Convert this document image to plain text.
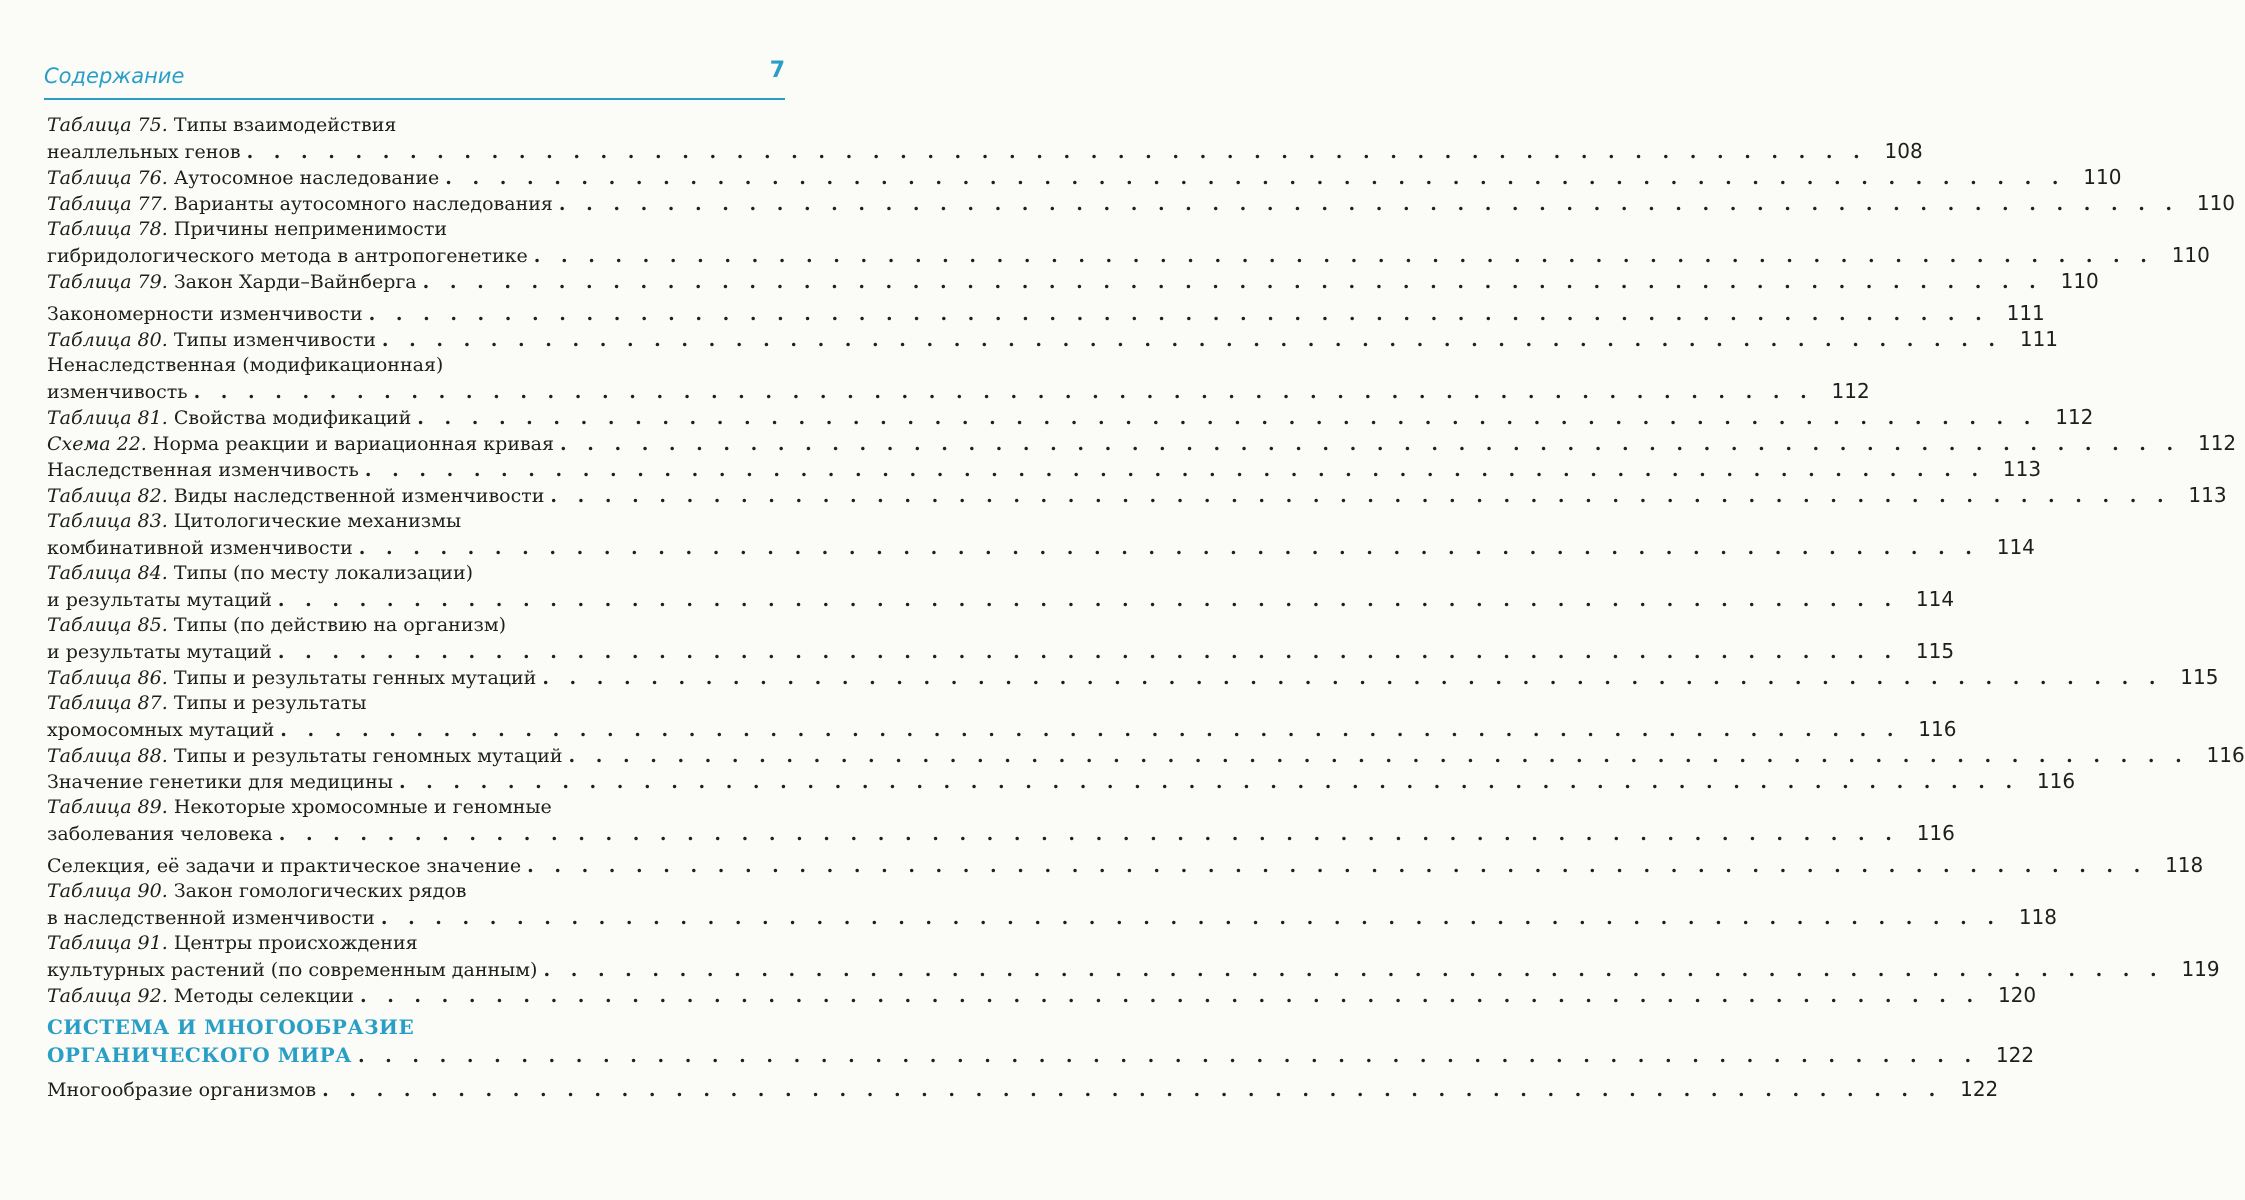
Содержание	7
Таблица 75. Типы взаимодействия
неаллельных генов . . . . . . . . . . . . . . . . . . . . . . . . . . . . . . . . . . . . . . . . . . . . . . . . . . . . . . . . . . . . 108
Таблица 76. Аутосомное наследование . . . . . . . . . . . . . . . . . . . . . . . . . . . . . . . . . . . . . . . . . . . . . . . . . . . . . . . . . . . . 110
Таблица 77. Варианты аутосомного наследования . . . . . . . . . . . . . . . . . . . . . . . . . . . . . . . . . . . . . . . . . . . . . . . . . . . . . . . . . . . . 110
Таблица 78. Причины неприменимости
гибридологического метода в антропогенетике . . . . . . . . . . . . . . . . . . . . . . . . . . . . . . . . . . . . . . . . . . . . . . . . . . . . . . . . . . . . 110
Таблица 79. Закон Харди–Вайнберга . . . . . . . . . . . . . . . . . . . . . . . . . . . . . . . . . . . . . . . . . . . . . . . . . . . . . . . . . . . . 110
Закономерности изменчивости . . . . . . . . . . . . . . . . . . . . . . . . . . . . . . . . . . . . . . . . . . . . . . . . . . . . . . . . . . . . 111
Таблица 80. Типы изменчивости . . . . . . . . . . . . . . . . . . . . . . . . . . . . . . . . . . . . . . . . . . . . . . . . . . . . . . . . . . . . 111
Ненаследственная (модификационная)
изменчивость . . . . . . . . . . . . . . . . . . . . . . . . . . . . . . . . . . . . . . . . . . . . . . . . . . . . . . . . . . . . 112
Таблица 81. Свойства модификаций . . . . . . . . . . . . . . . . . . . . . . . . . . . . . . . . . . . . . . . . . . . . . . . . . . . . . . . . . . . . 112
Схема 22. Норма реакции и вариационная кривая . . . . . . . . . . . . . . . . . . . . . . . . . . . . . . . . . . . . . . . . . . . . . . . . . . . . . . . . . . . . 112
Наследственная изменчивость . . . . . . . . . . . . . . . . . . . . . . . . . . . . . . . . . . . . . . . . . . . . . . . . . . . . . . . . . . . . 113
Таблица 82. Виды наследственной изменчивости . . . . . . . . . . . . . . . . . . . . . . . . . . . . . . . . . . . . . . . . . . . . . . . . . . . . . . . . . . . . 113
Таблица 83. Цитологические механизмы
комбинативной изменчивости . . . . . . . . . . . . . . . . . . . . . . . . . . . . . . . . . . . . . . . . . . . . . . . . . . . . . . . . . . . . 114
Таблица 84. Типы (по месту локализации)
и результаты мутаций . . . . . . . . . . . . . . . . . . . . . . . . . . . . . . . . . . . . . . . . . . . . . . . . . . . . . . . . . . . . 114
Таблица 85. Типы (по действию на организм)
и результаты мутаций . . . . . . . . . . . . . . . . . . . . . . . . . . . . . . . . . . . . . . . . . . . . . . . . . . . . . . . . . . . . 115
Таблица 86. Типы и результаты генных мутаций . . . . . . . . . . . . . . . . . . . . . . . . . . . . . . . . . . . . . . . . . . . . . . . . . . . . . . . . . . . . 115
Таблица 87. Типы и результаты
хромосомных мутаций . . . . . . . . . . . . . . . . . . . . . . . . . . . . . . . . . . . . . . . . . . . . . . . . . . . . . . . . . . . . 116
Таблица 88. Типы и результаты геномных мутаций . . . . . . . . . . . . . . . . . . . . . . . . . . . . . . . . . . . . . . . . . . . . . . . . . . . . . . . . . . . . 116
Значение генетики для медицины . . . . . . . . . . . . . . . . . . . . . . . . . . . . . . . . . . . . . . . . . . . . . . . . . . . . . . . . . . . . 116
Таблица 89. Некоторые хромосомные и геномные
заболевания человека . . . . . . . . . . . . . . . . . . . . . . . . . . . . . . . . . . . . . . . . . . . . . . . . . . . . . . . . . . . . 116
Селекция, её задачи и практическое значение . . . . . . . . . . . . . . . . . . . . . . . . . . . . . . . . . . . . . . . . . . . . . . . . . . . . . . . . . . . . 118
Таблица 90. Закон гомологических рядов
в наследственной изменчивости . . . . . . . . . . . . . . . . . . . . . . . . . . . . . . . . . . . . . . . . . . . . . . . . . . . . . . . . . . . . 118
Таблица 91. Центры происхождения
культурных растений (по современным данным) . . . . . . . . . . . . . . . . . . . . . . . . . . . . . . . . . . . . . . . . . . . . . . . . . . . . . . . . . . . . 119
Таблица 92. Методы селекции . . . . . . . . . . . . . . . . . . . . . . . . . . . . . . . . . . . . . . . . . . . . . . . . . . . . . . . . . . . . 120
СИСТЕМА И МНОГООБРАЗИЕ
ОРГАНИЧЕСКОГО МИРА . . . . . . . . . . . . . . . . . . . . . . . . . . . . . . . . . . . . . . . . . . . . . . . . . . . . . . . . . . . . 122
Многообразие организмов . . . . . . . . . . . . . . . . . . . . . . . . . . . . . . . . . . . . . . . . . . . . . . . . . . . . . . . . . . . . 122
